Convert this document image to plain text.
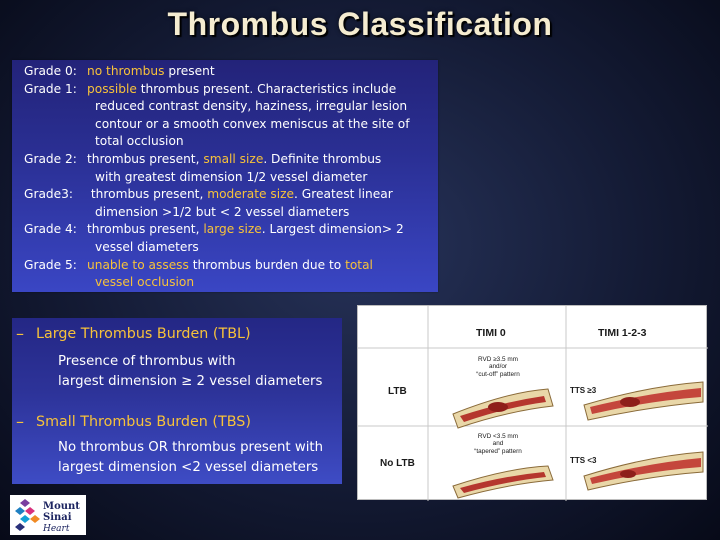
Thrombus Classification
Grade 0: no thrombus present
Grade 1: possible thrombus present. Characteristics include
reduced contrast density, haziness, irregular lesion
contour or a smooth convex meniscus at the site of
total occlusion
Grade 2: thrombus present, small size. Definite thrombus
with greatest dimension 1/2 vessel diameter
Grade3:	thrombus present, moderate size. Greatest linear
dimension >1/2 but < 2 vessel diameters
Grade 4: thrombus present, large size. Largest dimension> 2
vessel diameters
Grade 5: unable to assess thrombus burden due to total
vessel occlusion
– Large Thrombus Burden (TBL)
Presence of thrombus with
largest dimension ≥ 2 vessel diameters
– Small Thrombus Burden (TBS)
No thrombus OR thrombus present with
largest dimension <2 vessel diameters
TIMI 0	TIMI 1-2-3
LTB
No LTB
RVD ≥3.5 mm
and/or
“cut-off” pattern
RVD <3.5 mm
and
“tapered” pattern
TTS ≥3
TTS <3
Mount
Sinai
Heart
